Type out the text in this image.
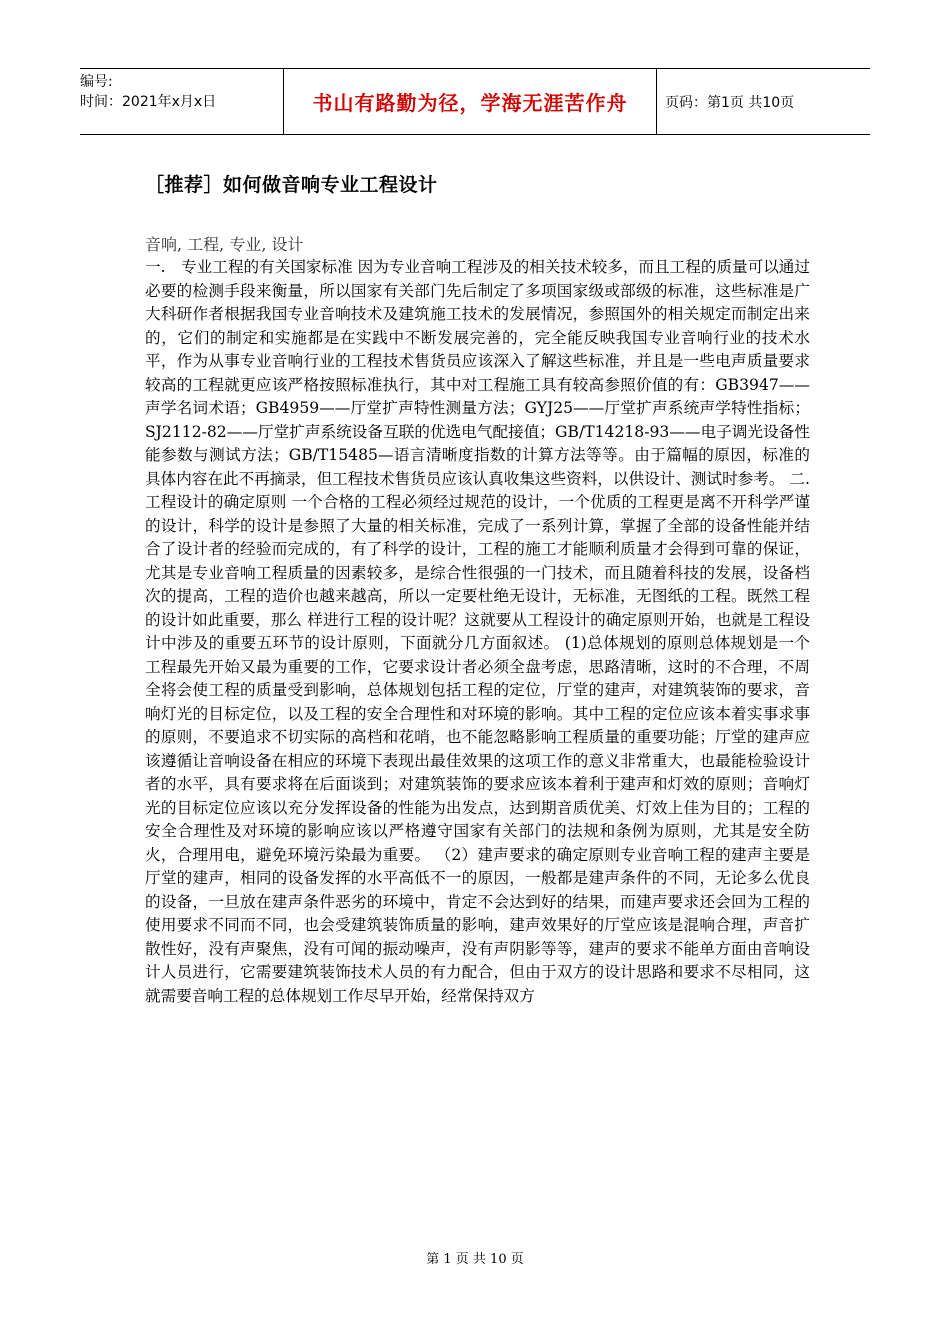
编号:
时间：2021年x月x日	书山有路勤为径，学海无涯苦作舟	页码：第1页 共10页
［推荐］如何做音响专业工程设计
音响, 工程, 专业, 设计
一.　专业工程的有关国家标准 因为专业音响工程涉及的相关技术较多，而且工程的质量可以通过必要的检测手段来衡量，所以国家有关部门先后制定了多项国家级或部级的标准，这些标准是广大科研作者根据我国专业音响技术及建筑施工技术的发展情况，参照国外的相关规定而制定出来的，它们的制定和实施都是在实践中不断发展完善的，完全能反映我国专业音响行业的技术水平，作为从事专业音响行业的工程技术售货员应该深入了解这些标准，并且是一些电声质量要求较高的工程就更应该严格按照标准执行，其中对工程施工具有较高参照价值的有：GB3947——声学名词术语；GB4959——厅堂扩声特性测量方法；GYJ25——厅堂扩声系统声学特性指标；SJ2112-82——厅堂扩声系统设备互联的优选电气配接值；GB/T14218-93——电子调光设备性能参数与测试方法；GB/T15485—语言清晰度指数的计算方法等等。由于篇幅的原因，标准的具体内容在此不再摘录，但工程技术售货员应该认真收集这些资料，以供设计、测试时参考。 二. 工程设计的确定原则 一个合格的工程必须经过规范的设计，一个优质的工程更是离不开科学严谨的设计，科学的设计是参照了大量的相关标准，完成了一系列计算，掌握了全部的设备性能并结合了设计者的经验而完成的，有了科学的设计，工程的施工才能顺利质量才会得到可靠的保证，尤其是专业音响工程质量的因素较多，是综合性很强的一门技术，而且随着科技的发展，设备档次的提高，工程的造价也越来越高，所以一定要杜绝无设计，无标准，无图纸的工程。既然工程的设计如此重要，那么 样进行工程的设计呢？这就要从工程设计的确定原则开始，也就是工程设计中涉及的重要五环节的设计原则，下面就分几方面叙述。 (1)总体规划的原则总体规划是一个工程最先开始又最为重要的工作，它要求设计者必须全盘考虑，思路清晰，这时的不合理，不周全将会使工程的质量受到影响，总体规划包括工程的定位，厅堂的建声，对建筑装饰的要求，音响灯光的目标定位，以及工程的安全合理性和对环境的影响。其中工程的定位应该本着实事求事的原则，不要追求不切实际的高档和花哨，也不能忽略影响工程质量的重要功能；厅堂的建声应该遵循让音响设备在相应的环境下表现出最佳效果的这项工作的意义非常重大，也最能检验设计者的水平，具有要求将在后面谈到；对建筑装饰的要求应该本着利于建声和灯效的原则；音响灯光的目标定位应该以充分发挥设备的性能为出发点，达到期音质优美、灯效上佳为目的；工程的安全合理性及对环境的影响应该以严格遵守国家有关部门的法规和条例为原则，尤其是安全防火，合理用电，避免环境污染最为重要。 （2）建声要求的确定原则专业音响工程的建声主要是厅堂的建声，相同的设备发挥的水平高低不一的原因，一般都是建声条件的不同，无论多么优良的设备，一旦放在建声条件恶劣的环境中，肯定不会达到好的结果，而建声要求还会回为工程的使用要求不同而不同，也会受建筑装饰质量的影响，建声效果好的厅堂应该是混响合理，声音扩散性好，没有声聚焦，没有可闻的振动噪声，没有声阴影等等，建声的要求不能单方面由音响设计人员进行，它需要建筑装饰技术人员的有力配合，但由于双方的设计思路和要求不尽相同，这就需要音响工程的总体规划工作尽早开始，经常保持双方
第 1 页 共 10 页
